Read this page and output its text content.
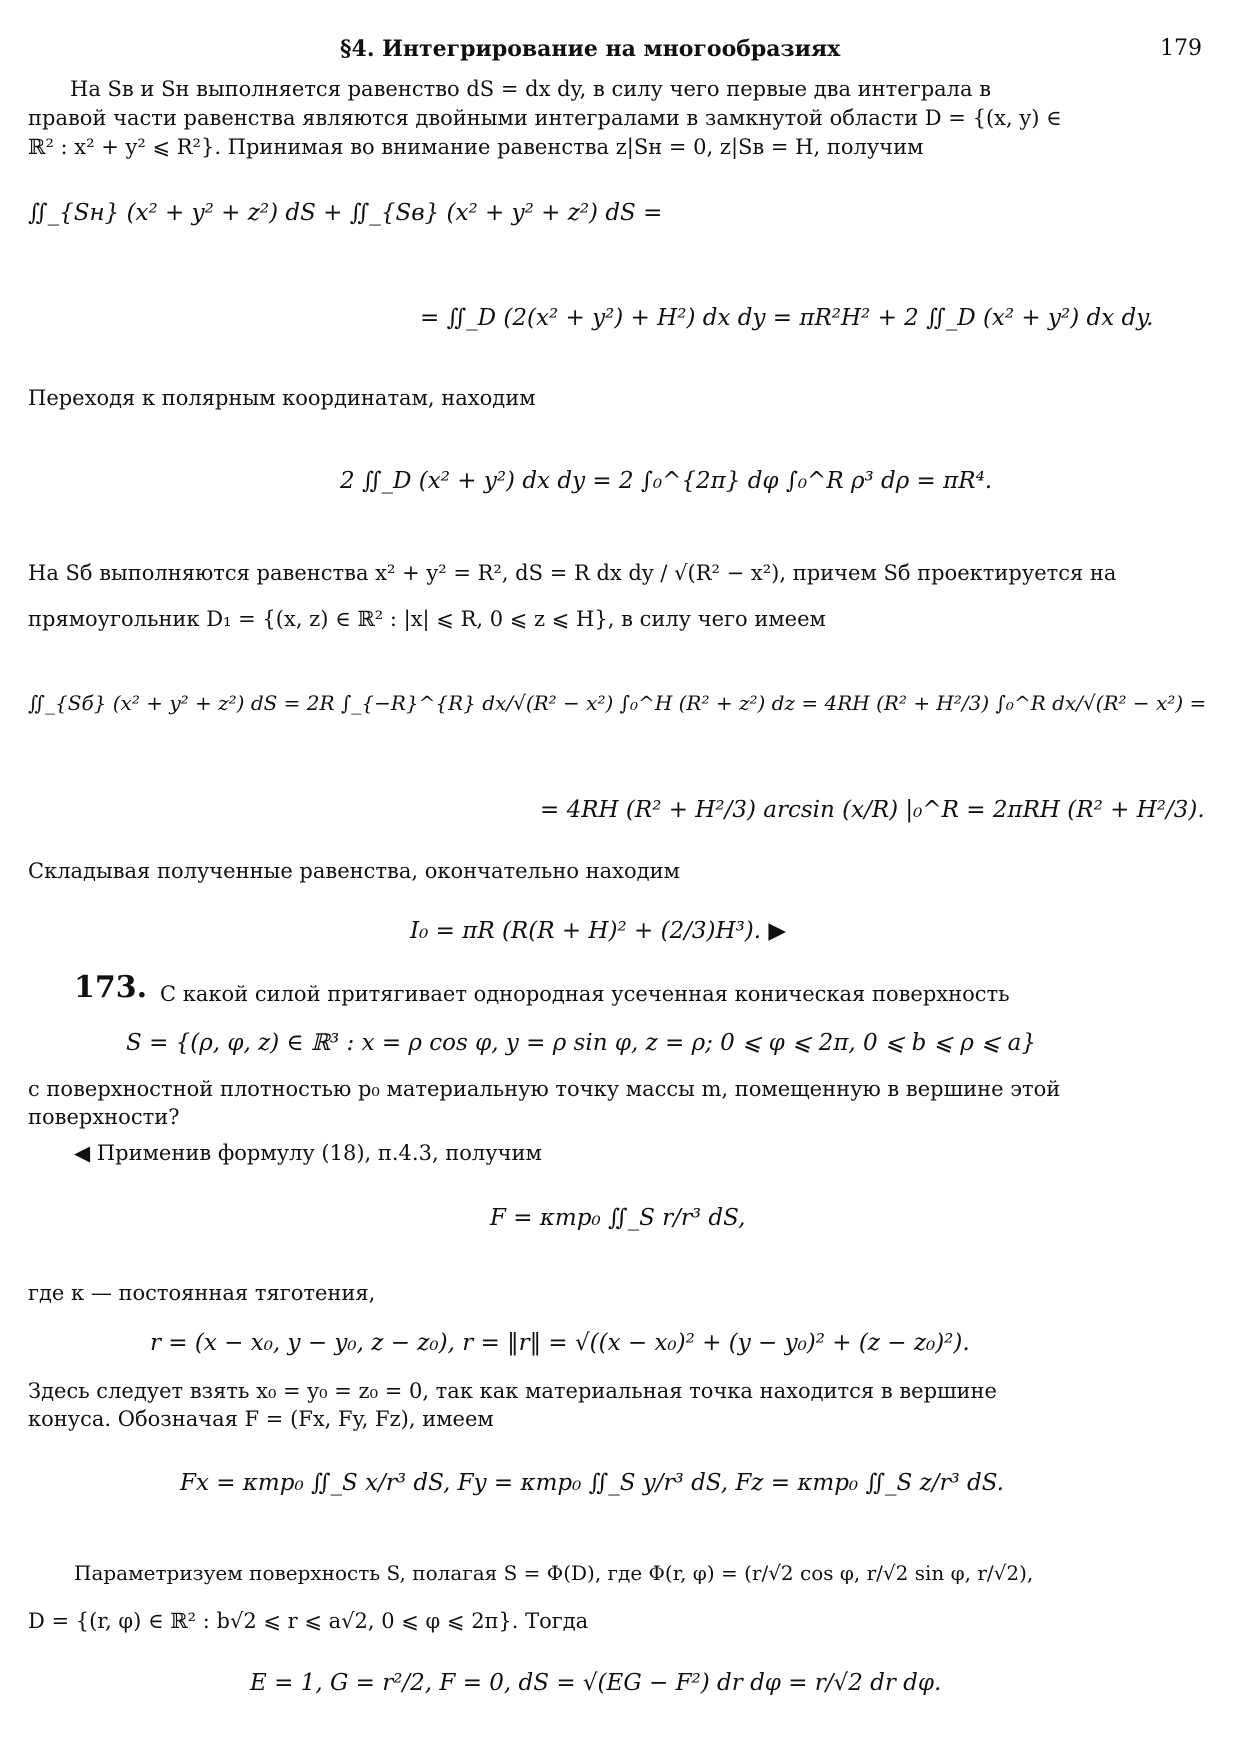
§4. Интегрирование на многообразиях	179
На Sв и Sн выполняется равенство dS = dx dy, в силу чего первые два интеграла в
правой части равенства являются двойными интегралами в замкнутой области D = {(x, y) ∈
ℝ² : x² + y² ⩽ R²}. Принимая во внимание равенства z|Sн = 0, z|Sв = H, получим
∬_{Sн} (x² + y² + z²) dS + ∬_{Sв} (x² + y² + z²) dS =
= ∬_D (2(x² + y²) + H²) dx dy = πR²H² + 2 ∬_D (x² + y²) dx dy.
Переходя к полярным координатам, находим
2 ∬_D (x² + y²) dx dy = 2 ∫₀^{2π} dφ ∫₀^R ρ³ dρ = πR⁴.
На Sб выполняются равенства x² + y² = R², dS = R dx dy / √(R² − x²), причем Sб проектируется на
прямоугольник D₁ = {(x, z) ∈ ℝ² : |x| ⩽ R, 0 ⩽ z ⩽ H}, в силу чего имеем
∬_{Sб} (x² + y² + z²) dS = 2R ∫_{−R}^{R} dx/√(R² − x²) ∫₀^H (R² + z²) dz = 4RH (R² + H²/3) ∫₀^R dx/√(R² − x²) =
= 4RH (R² + H²/3) arcsin (x/R) |₀^R = 2πRH (R² + H²/3).
Складывая полученные равенства, окончательно находим
I₀ = πR (R(R + H)² + (2/3)H³). ▶
173. С какой силой притягивает однородная усеченная коническая поверхность
S = {(ρ, φ, z) ∈ ℝ³ : x = ρ cos φ, y = ρ sin φ, z = ρ; 0 ⩽ φ ⩽ 2π, 0 ⩽ b ⩽ ρ ⩽ a}
с поверхностной плотностью p₀ материальную точку массы m, помещенную в вершине этой
поверхности?
◀ Применив формулу (18), п.4.3, получим
F = κmp₀ ∬_S r/r³ dS,
где κ — постоянная тяготения,
r = (x − x₀, y − y₀, z − z₀), r = ‖r‖ = √((x − x₀)² + (y − y₀)² + (z − z₀)²).
Здесь следует взять x₀ = y₀ = z₀ = 0, так как материальная точка находится в вершине
конуса. Обозначая F = (Fx, Fy, Fz), имеем
Fx = κmp₀ ∬_S x/r³ dS, Fy = κmp₀ ∬_S y/r³ dS, Fz = κmp₀ ∬_S z/r³ dS.
Параметризуем поверхность S, полагая S = Φ(D), где Φ(r, φ) = (r/√2 cos φ, r/√2 sin φ, r/√2),
D = {(r, φ) ∈ ℝ² : b√2 ⩽ r ⩽ a√2, 0 ⩽ φ ⩽ 2π}. Тогда
E = 1, G = r²/2, F = 0, dS = √(EG − F²) dr dφ = r/√2 dr dφ.
